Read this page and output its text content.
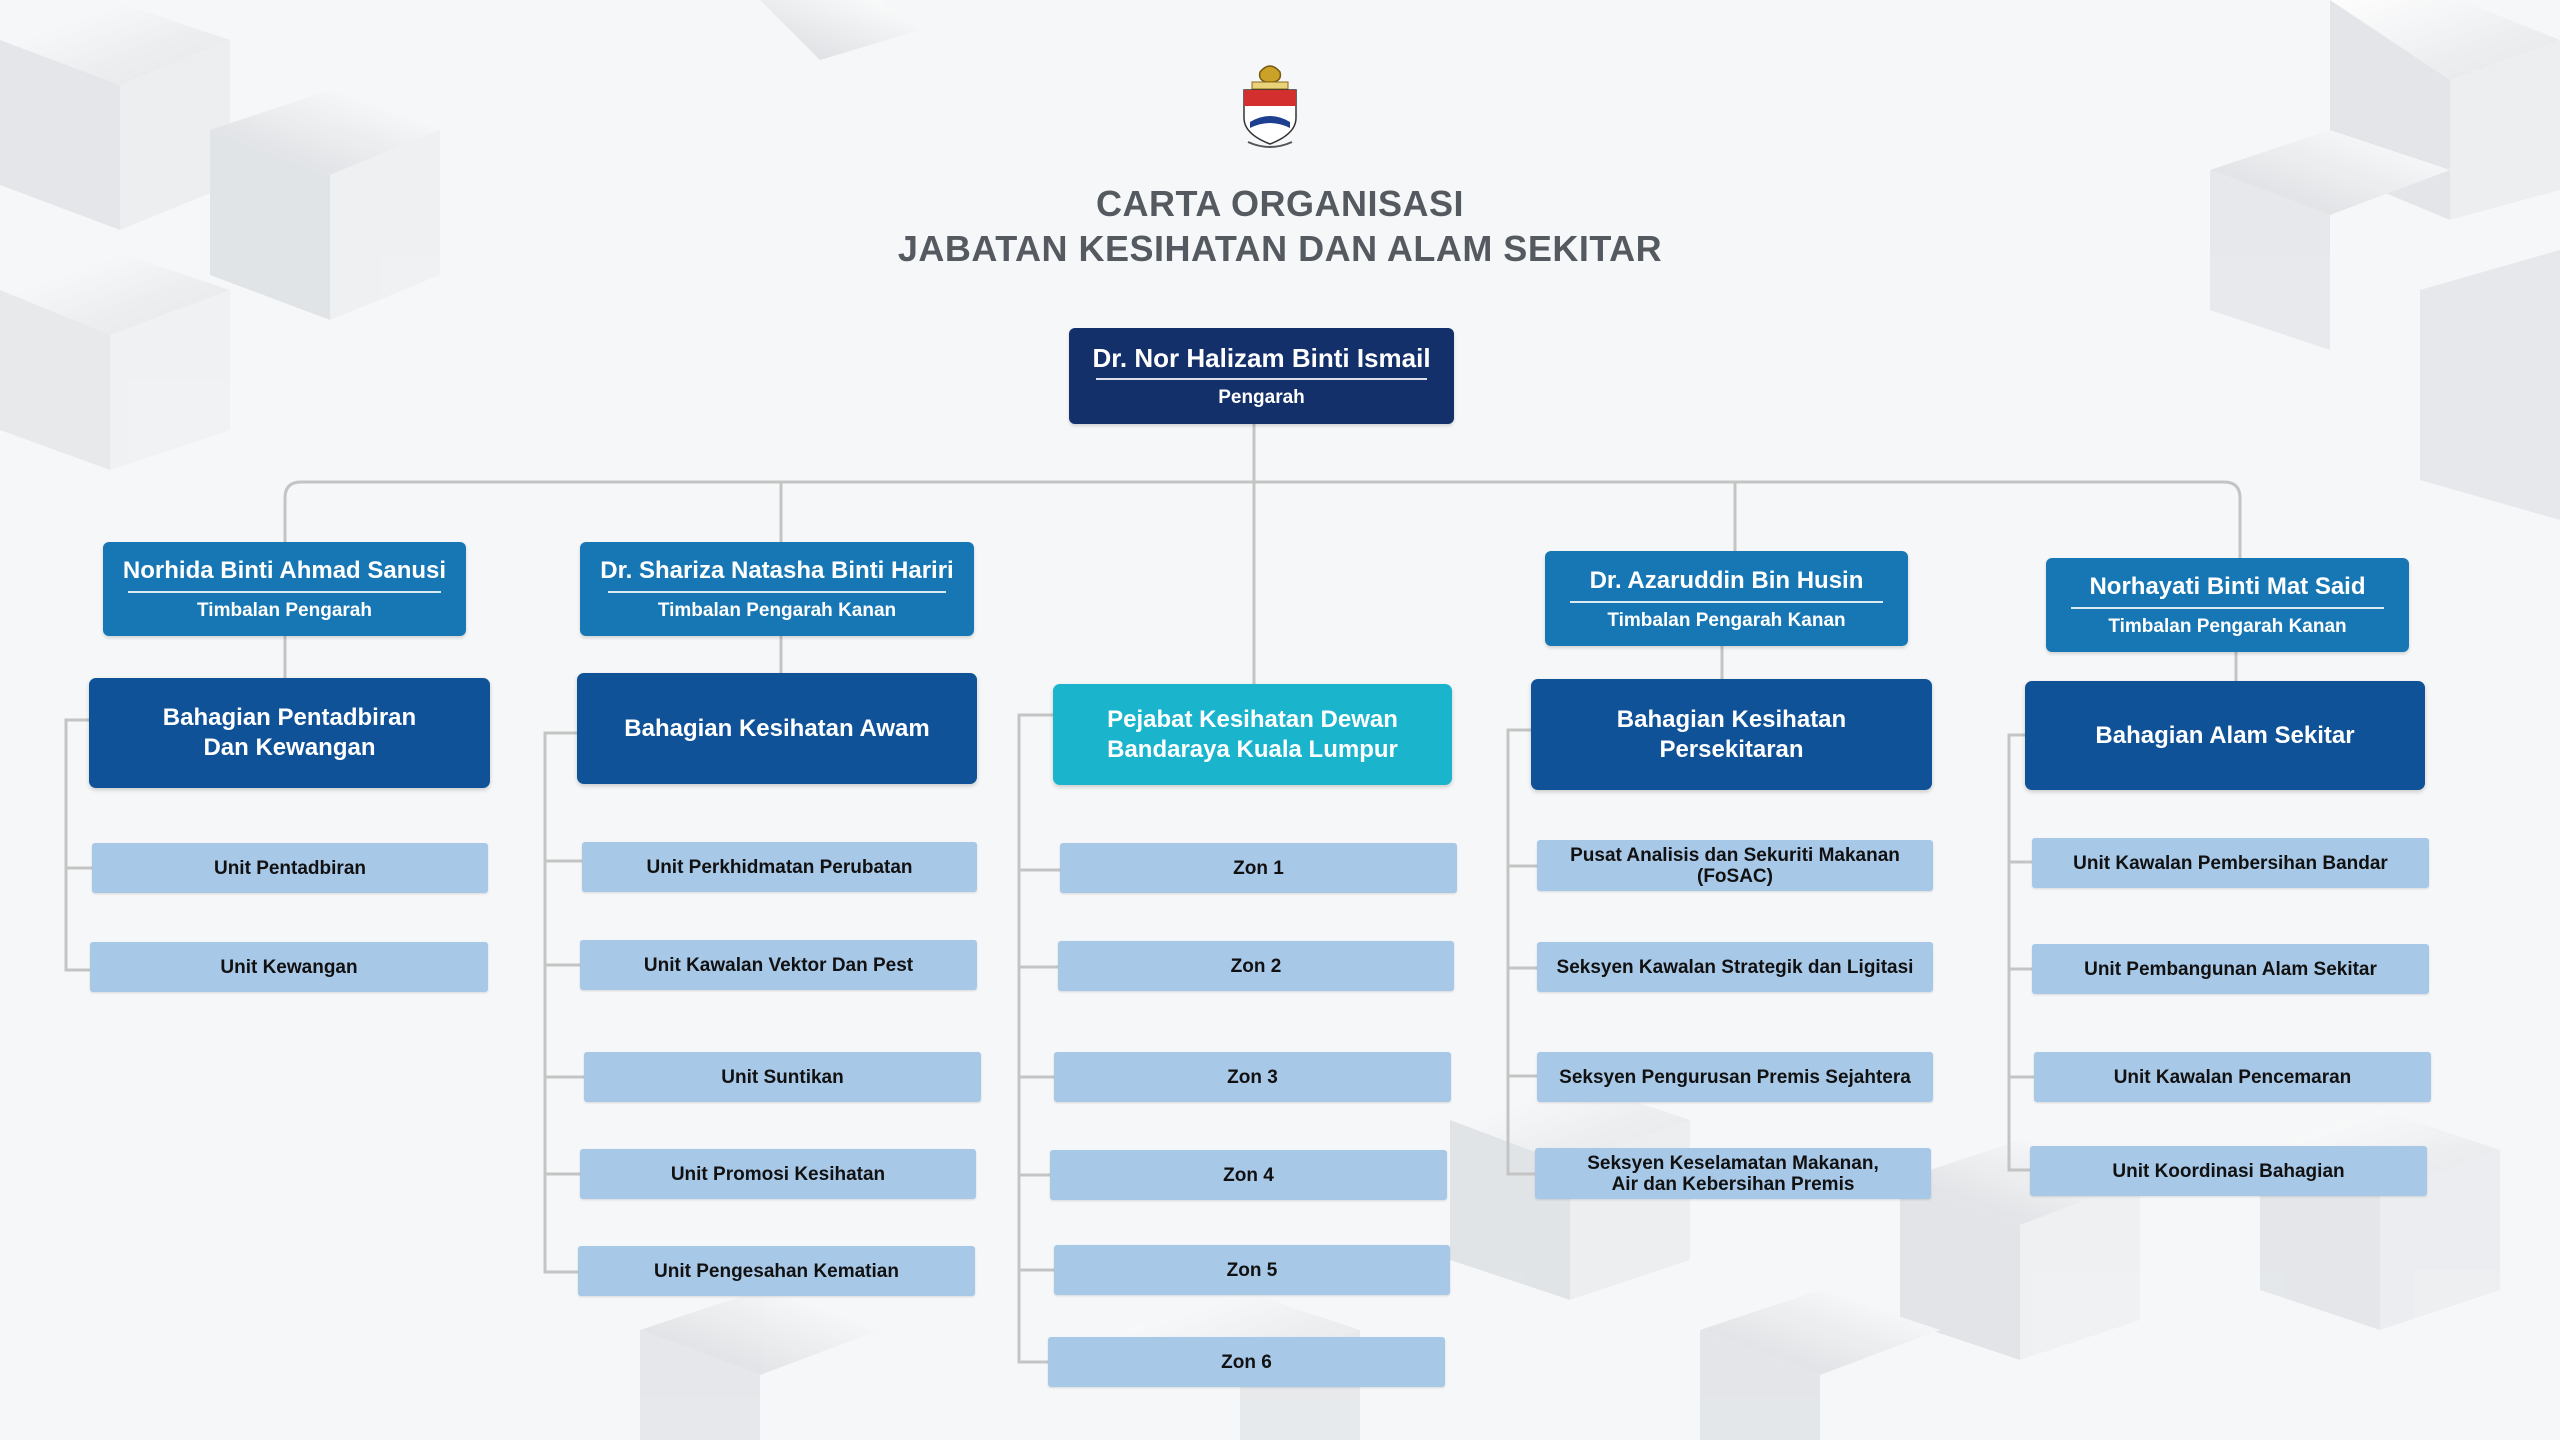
CARTA ORGANISASI
JABATAN KESIHATAN DAN ALAM SEKITAR
Dr. Nor Halizam Binti Ismail
Pengarah
Norhida Binti Ahmad Sanusi
Timbalan Pengarah
Dr. Shariza Natasha Binti Hariri
Timbalan Pengarah Kanan
Dr. Azaruddin Bin Husin
Timbalan Pengarah Kanan
Norhayati Binti Mat Said
Timbalan Pengarah Kanan
Bahagian Pentadbiran
Dan Kewangan
Bahagian Kesihatan Awam	Pejabat Kesihatan Dewan
Bandaraya Kuala Lumpur
Bahagian Kesihatan
Persekitaran
Bahagian Alam Sekitar
Unit Pentadbiran
Unit Kewangan
Unit Perkhidmatan Perubatan
Unit Kawalan Vektor Dan Pest
Unit Suntikan
Unit Promosi Kesihatan
Unit Pengesahan Kematian
Zon 1
Zon 2
Zon 3
Zon 4
Zon 5
Zon 6
Pusat Analisis dan Sekuriti Makanan
(FoSAC)
Seksyen Kawalan Strategik dan Ligitasi
Seksyen Pengurusan Premis Sejahtera
Seksyen Keselamatan Makanan,
Air dan Kebersihan Premis
Unit Kawalan Pembersihan Bandar
Unit Pembangunan Alam Sekitar
Unit Kawalan Pencemaran
Unit Koordinasi Bahagian
